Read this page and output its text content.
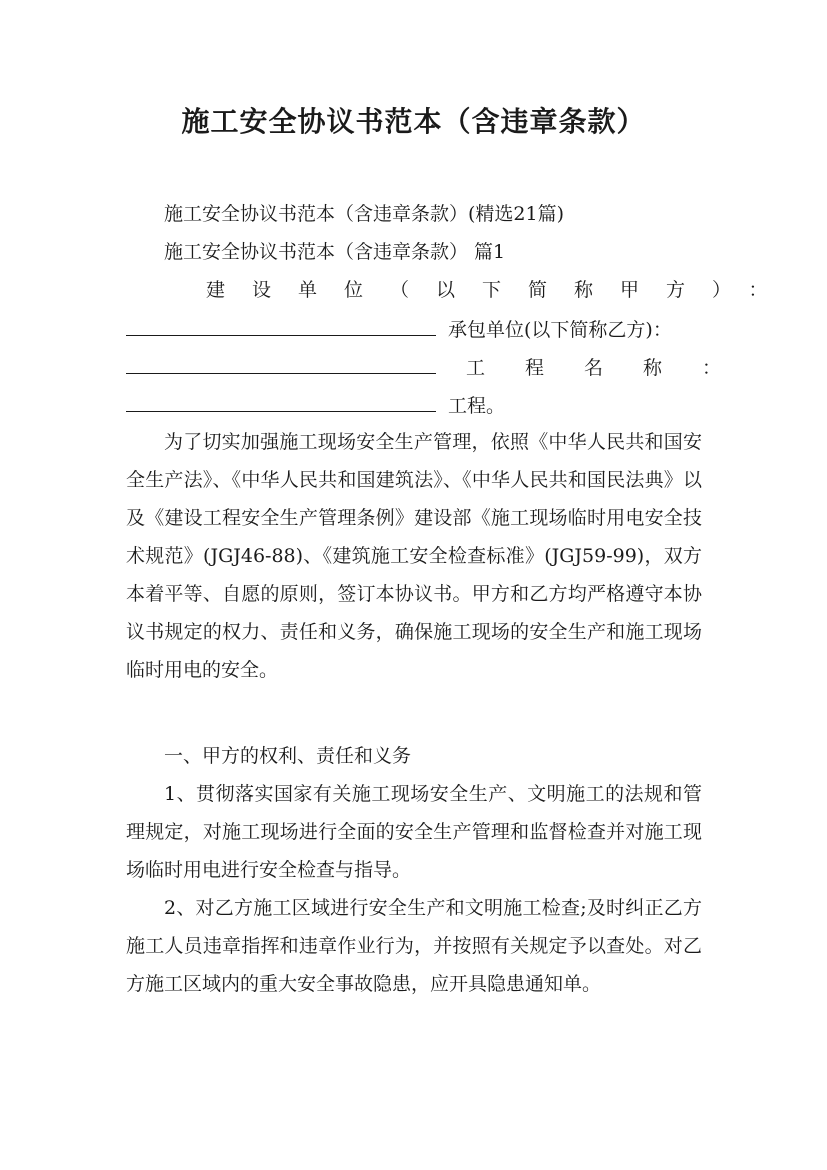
施工安全协议书范本（含违章条款）
施工安全协议书范本（含违章条款）(精选21篇)
施工安全协议书范本（含违章条款） 篇1
建设单位（以下简称甲方）：
承包单位(以下简称乙方)：
工程名称：
工程。
为了切实加强施工现场安全生产管理，依照《中华人民共和国安全生产法》、《中华人民共和国建筑法》、《中华人民共和国民法典》以及《建设工程安全生产管理条例》建设部《施工现场临时用电安全技术规范》(JGJ46-88)、《建筑施工安全检查标准》(JGJ59-99)，双方本着平等、自愿的原则，签订本协议书。甲方和乙方均严格遵守本协议书规定的权力、责任和义务，确保施工现场的安全生产和施工现场临时用电的安全。
一、甲方的权利、责任和义务
1、贯彻落实国家有关施工现场安全生产、文明施工的法规和管理规定，对施工现场进行全面的安全生产管理和监督检查并对施工现场临时用电进行安全检查与指导。
2、对乙方施工区域进行安全生产和文明施工检查;及时纠正乙方施工人员违章指挥和违章作业行为，并按照有关规定予以查处。对乙方施工区域内的重大安全事故隐患，应开具隐患通知单。
